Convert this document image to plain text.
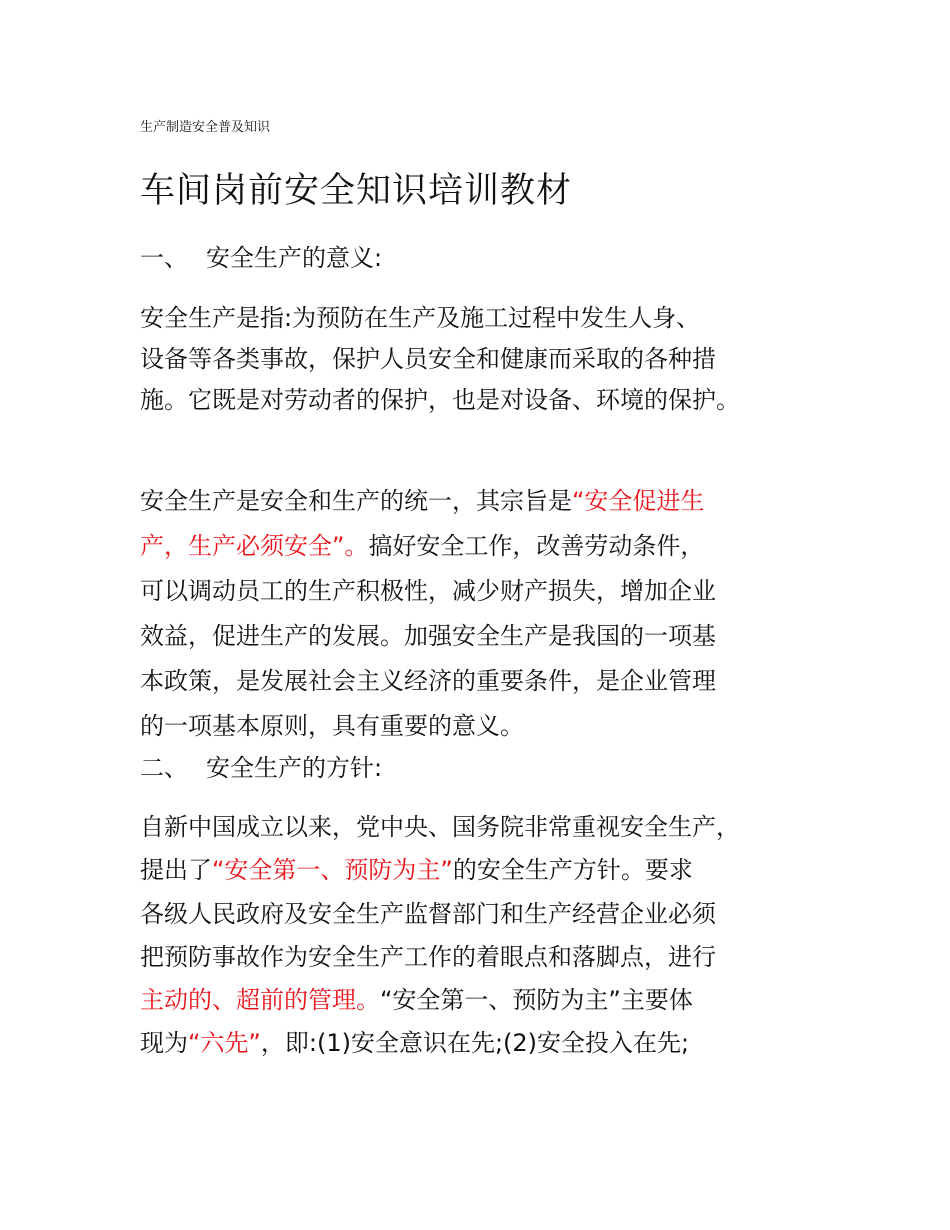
生产制造安全普及知识
车间岗前安全知识培训教材
一、 安全生产的意义:
安全生产是指:为预防在生产及施工过程中发生人身、
设备等各类事故，保护人员安全和健康而采取的各种措
施。它既是对劳动者的保护，也是对设备、环境的保护。
安全生产是安全和生产的统一，其宗旨是“安全促进生
产，生产必须安全”。搞好安全工作，改善劳动条件，
可以调动员工的生产积极性，减少财产损失，增加企业
效益，促进生产的发展。加强安全生产是我国的一项基
本政策，是发展社会主义经济的重要条件，是企业管理
的一项基本原则，具有重要的意义。
二、 安全生产的方针:
自新中国成立以来，党中央、国务院非常重视安全生产，
提出了“安全第一、预防为主”的安全生产方针。要求
各级人民政府及安全生产监督部门和生产经营企业必须
把预防事故作为安全生产工作的着眼点和落脚点，进行
主动的、超前的管理。“安全第一、预防为主”主要体
现为“六先”，即:(1)安全意识在先;(2)安全投入在先;
